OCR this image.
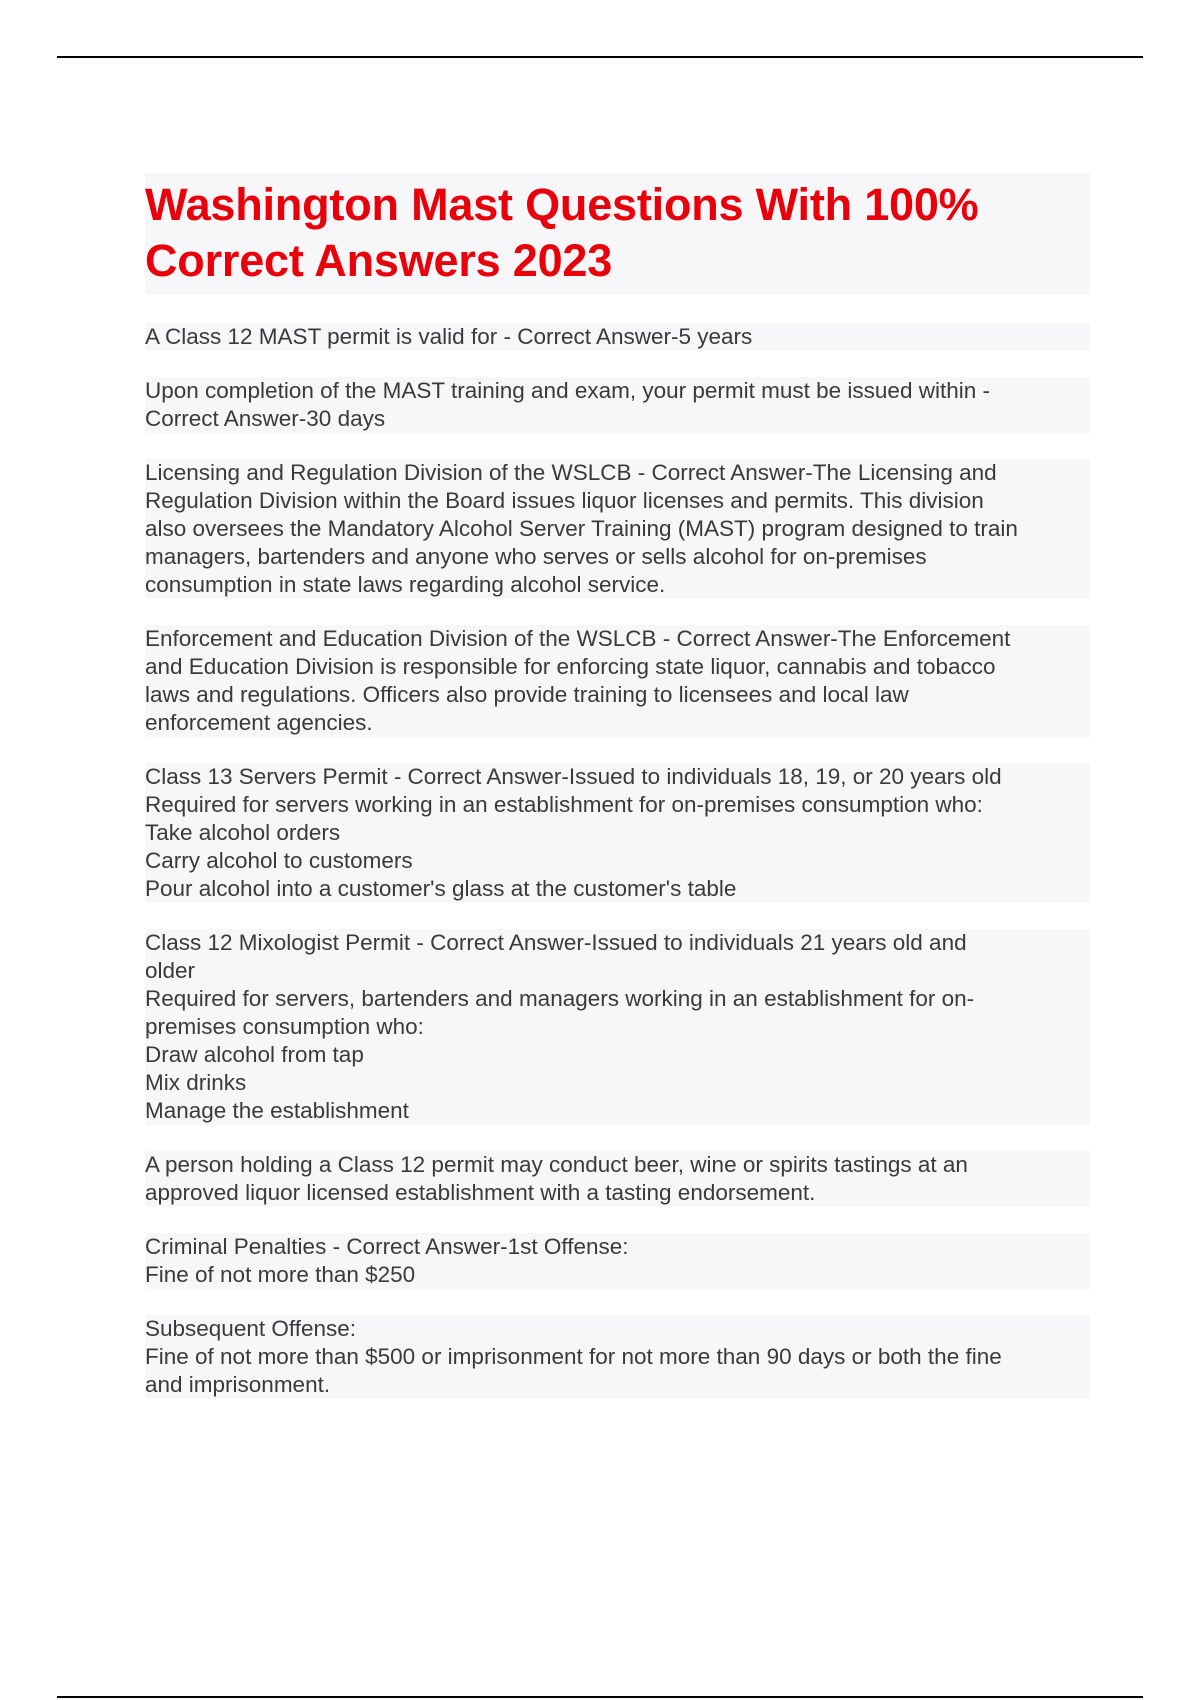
Washington Mast Questions With 100%
Correct Answers 2023

A Class 12 MAST permit is valid for - Correct Answer-5 years

Upon completion of the MAST training and exam, your permit must be issued within -
Correct Answer-30 days

Licensing and Regulation Division of the WSLCB - Correct Answer-The Licensing and
Regulation Division within the Board issues liquor licenses and permits. This division
also oversees the Mandatory Alcohol Server Training (MAST) program designed to train
managers, bartenders and anyone who serves or sells alcohol for on-premises
consumption in state laws regarding alcohol service.

Enforcement and Education Division of the WSLCB - Correct Answer-The Enforcement
and Education Division is responsible for enforcing state liquor, cannabis and tobacco
laws and regulations. Officers also provide training to licensees and local law
enforcement agencies.

Class 13 Servers Permit - Correct Answer-Issued to individuals 18, 19, or 20 years old
Required for servers working in an establishment for on-premises consumption who:
Take alcohol orders
Carry alcohol to customers
Pour alcohol into a customer's glass at the customer's table

Class 12 Mixologist Permit - Correct Answer-Issued to individuals 21 years old and
older
Required for servers, bartenders and managers working in an establishment for on-
premises consumption who:
Draw alcohol from tap
Mix drinks
Manage the establishment

A person holding a Class 12 permit may conduct beer, wine or spirits tastings at an
approved liquor licensed establishment with a tasting endorsement.

Criminal Penalties - Correct Answer-1st Offense:
Fine of not more than $250

Subsequent Offense:
Fine of not more than $500 or imprisonment for not more than 90 days or both the fine
and imprisonment.
